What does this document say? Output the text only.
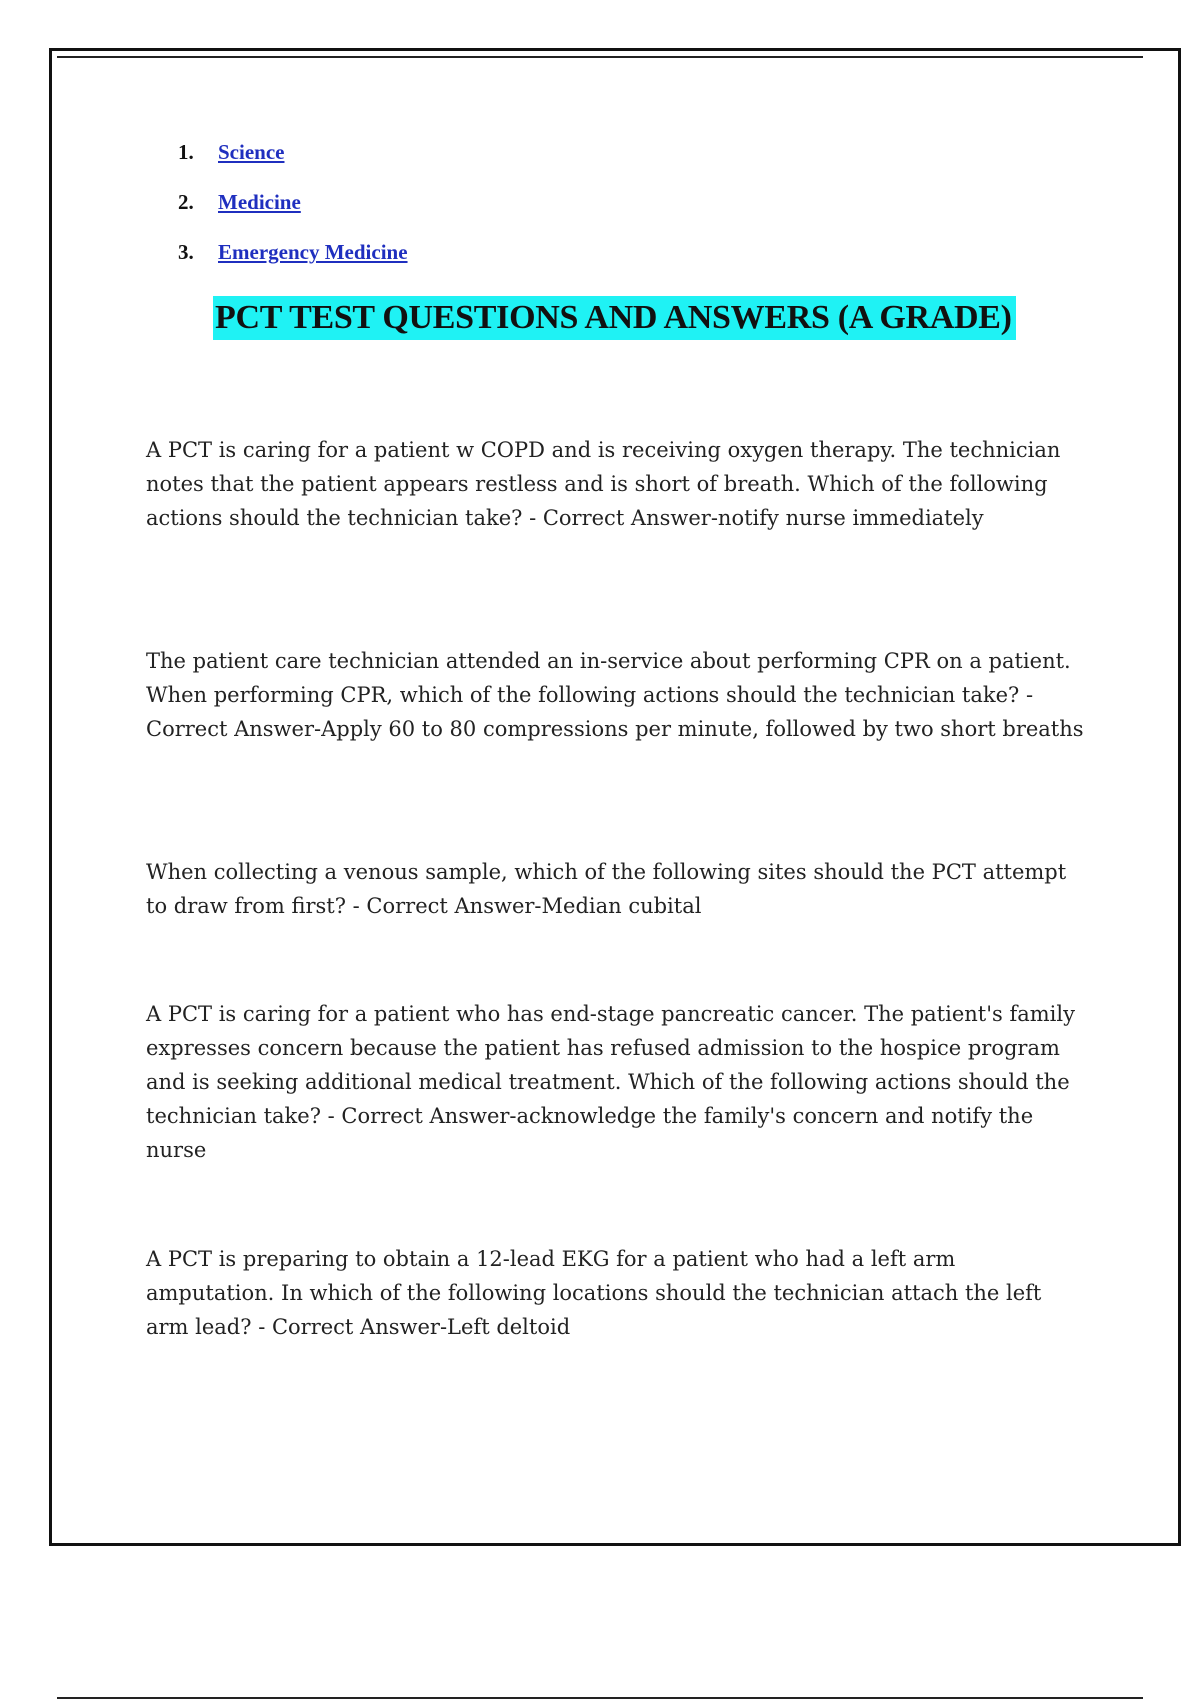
1.	Science
2.	Medicine
3.	Emergency Medicine
PCT TEST QUESTIONS AND ANSWERS (A GRADE)

A PCT is caring for a patient w COPD and is receiving oxygen therapy. The technician notes that the patient appears restless and is short of breath. Which of the following actions should the technician take? - Correct Answer-notify nurse immediately

The patient care technician attended an in-service about performing CPR on a patient. When performing CPR, which of the following actions should the technician take? - Correct Answer-Apply 60 to 80 compressions per minute, followed by two short breaths

When collecting a venous sample, which of the following sites should the PCT attempt to draw from first? - Correct Answer-Median cubital

A PCT is caring for a patient who has end-stage pancreatic cancer. The patient's family expresses concern because the patient has refused admission to the hospice program and is seeking additional medical treatment. Which of the following actions should the technician take? - Correct Answer-acknowledge the family's concern and notify the nurse

A PCT is preparing to obtain a 12-lead EKG for a patient who had a left arm amputation. In which of the following locations should the technician attach the left arm lead? - Correct Answer-Left deltoid
